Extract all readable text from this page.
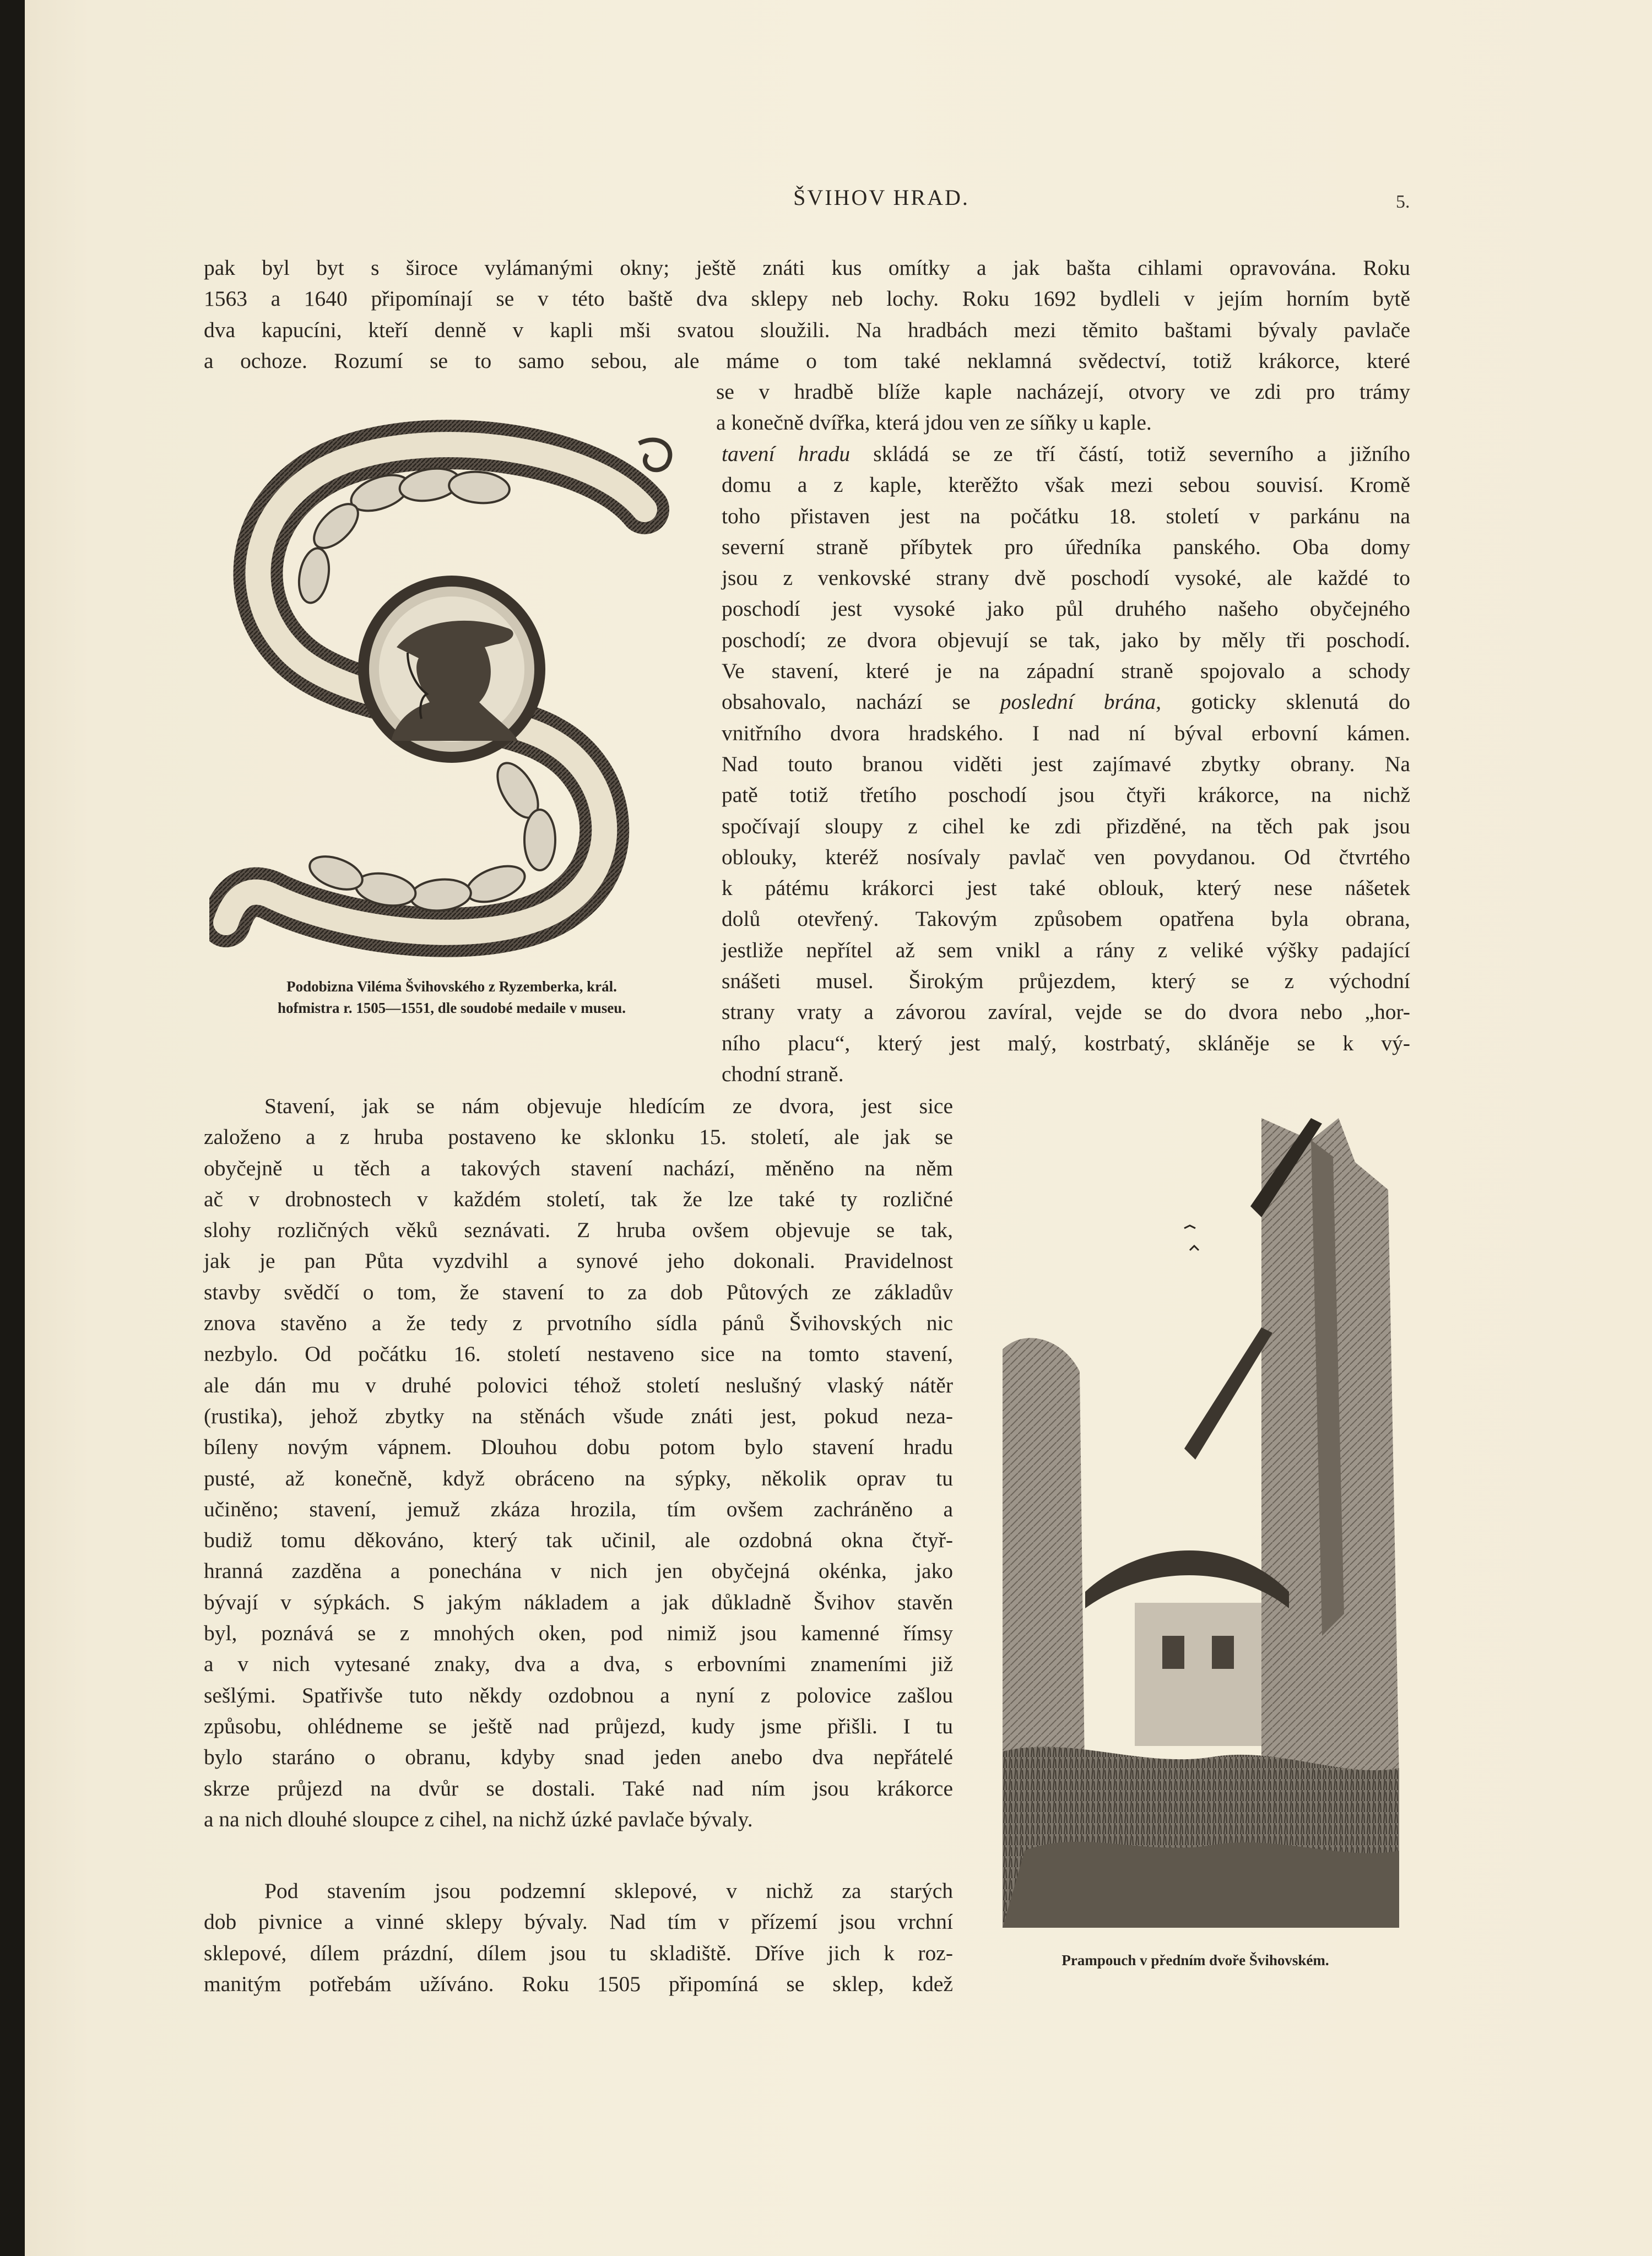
ŠVIHOV HRAD.	5.
pak byl byt s široce vylámanými okny; ještě znáti kus omítky a jak bašta cihlami opravována. Roku
1563 a 1640 připomínají se v této baště dva sklepy neb lochy. Roku 1692 bydleli v jejím horním bytě
dva kapucíni, kteří denně v kapli mši svatou sloužili. Na hradbách mezi těmito baštami bývaly pavlače
a ochoze. Rozumí se to samo sebou, ale máme o tom také neklamná svědectví, totiž krákorce, které
se v hradbě blíže kaple nacházejí, otvory ve zdi pro trámy
a konečně dvířka, která jdou ven ze síňky u kaple.
Podobizna Viléma Švihovského z Ryzemberka, král.
hofmistra r. 1505—1551, dle soudobé medaile v museu.
tavení hradu skládá se ze tří částí, totiž severního a jižního
domu a z kaple, kterěžto však mezi sebou souvisí. Kromě
toho přistaven jest na počátku 18. století v parkánu na
severní straně příbytek pro úředníka panského. Oba domy
jsou z venkovské strany dvě poschodí vysoké, ale každé to
poschodí jest vysoké jako půl druhého našeho obyčejného
poschodí; ze dvora objevují se tak, jako by měly tři poschodí.
Ve stavení, které je na západní straně spojovalo a schody
obsahovalo, nachází se poslední brána, goticky sklenutá do
vnitřního dvora hradského. I nad ní býval erbovní kámen.
Nad touto branou viděti jest zajímavé zbytky obrany. Na
patě totiž třetího poschodí jsou čtyři krákorce, na nichž
spočívají sloupy z cihel ke zdi přizděné, na těch pak jsou
oblouky, kteréž nosívaly pavlač ven povydanou. Od čtvrtého
k pátému krákorci jest také oblouk, který nese nášetek
dolů otevřený. Takovým způsobem opatřena byla obrana,
jestliže nepřítel až sem vnikl a rány z veliké výšky padající
snášeti musel. Širokým průjezdem, který se z východní
strany vraty a závorou zavíral, vejde se do dvora nebo „hor-
ního placu“, který jest malý, kostrbatý, skláněje se k vý-
chodní straně.
Stavení, jak se nám objevuje hledícím ze dvora, jest sice
založeno a z hruba postaveno ke sklonku 15. století, ale jak se
obyčejně u těch a takových stavení nachází, měněno na něm
ač v drobnostech v každém století, tak že lze také ty rozličné
slohy rozličných věků seznávati. Z hruba ovšem objevuje se tak,
jak je pan Půta vyzdvihl a synové jeho dokonali. Pravidelnost
stavby svědčí o tom, že stavení to za dob Půtových ze základův
znova stavěno a že tedy z prvotního sídla pánů Švihovských nic
nezbylo. Od počátku 16. století nestaveno sice na tomto stavení,
ale dán mu v druhé polovici téhož století neslušný vlaský nátěr
(rustika), jehož zbytky na stěnách všude znáti jest, pokud neza-
bíleny novým vápnem. Dlouhou dobu potom bylo stavení hradu
pusté, až konečně, když obráceno na sýpky, několik oprav tu
učiněno; stavení, jemuž zkáza hrozila, tím ovšem zachráněno a
budiž tomu děkováno, který tak učinil, ale ozdobná okna čtyř-
hranná zazděna a ponechána v nich jen obyčejná okénka, jako
bývají v sýpkách. S jakým nákladem a jak důkladně Švihov stavěn
byl, poznává se z mnohých oken, pod nimiž jsou kamenné římsy
a v nich vytesané znaky, dva a dva, s erbovními znameními již
sešlými. Spatřivše tuto někdy ozdobnou a nyní z polovice zašlou
způsobu, ohlédneme se ještě nad průjezd, kudy jsme přišli. I tu
bylo staráno o obranu, kdyby snad jeden anebo dva nepřátelé
skrze průjezd na dvůr se dostali. Také nad ním jsou krákorce
a na nich dlouhé sloupce z cihel, na nichž úzké pavlače bývaly.
Pod stavením jsou podzemní sklepové, v nichž za starých
dob pivnice a vinné sklepy bývaly. Nad tím v přízemí jsou vrchní
sklepové, dílem prázdní, dílem jsou tu skladiště. Dříve jich k roz-
manitým potřebám užíváno. Roku 1505 připomíná se sklep, kdež
Prampouch v předním dvoře Švihovském.
